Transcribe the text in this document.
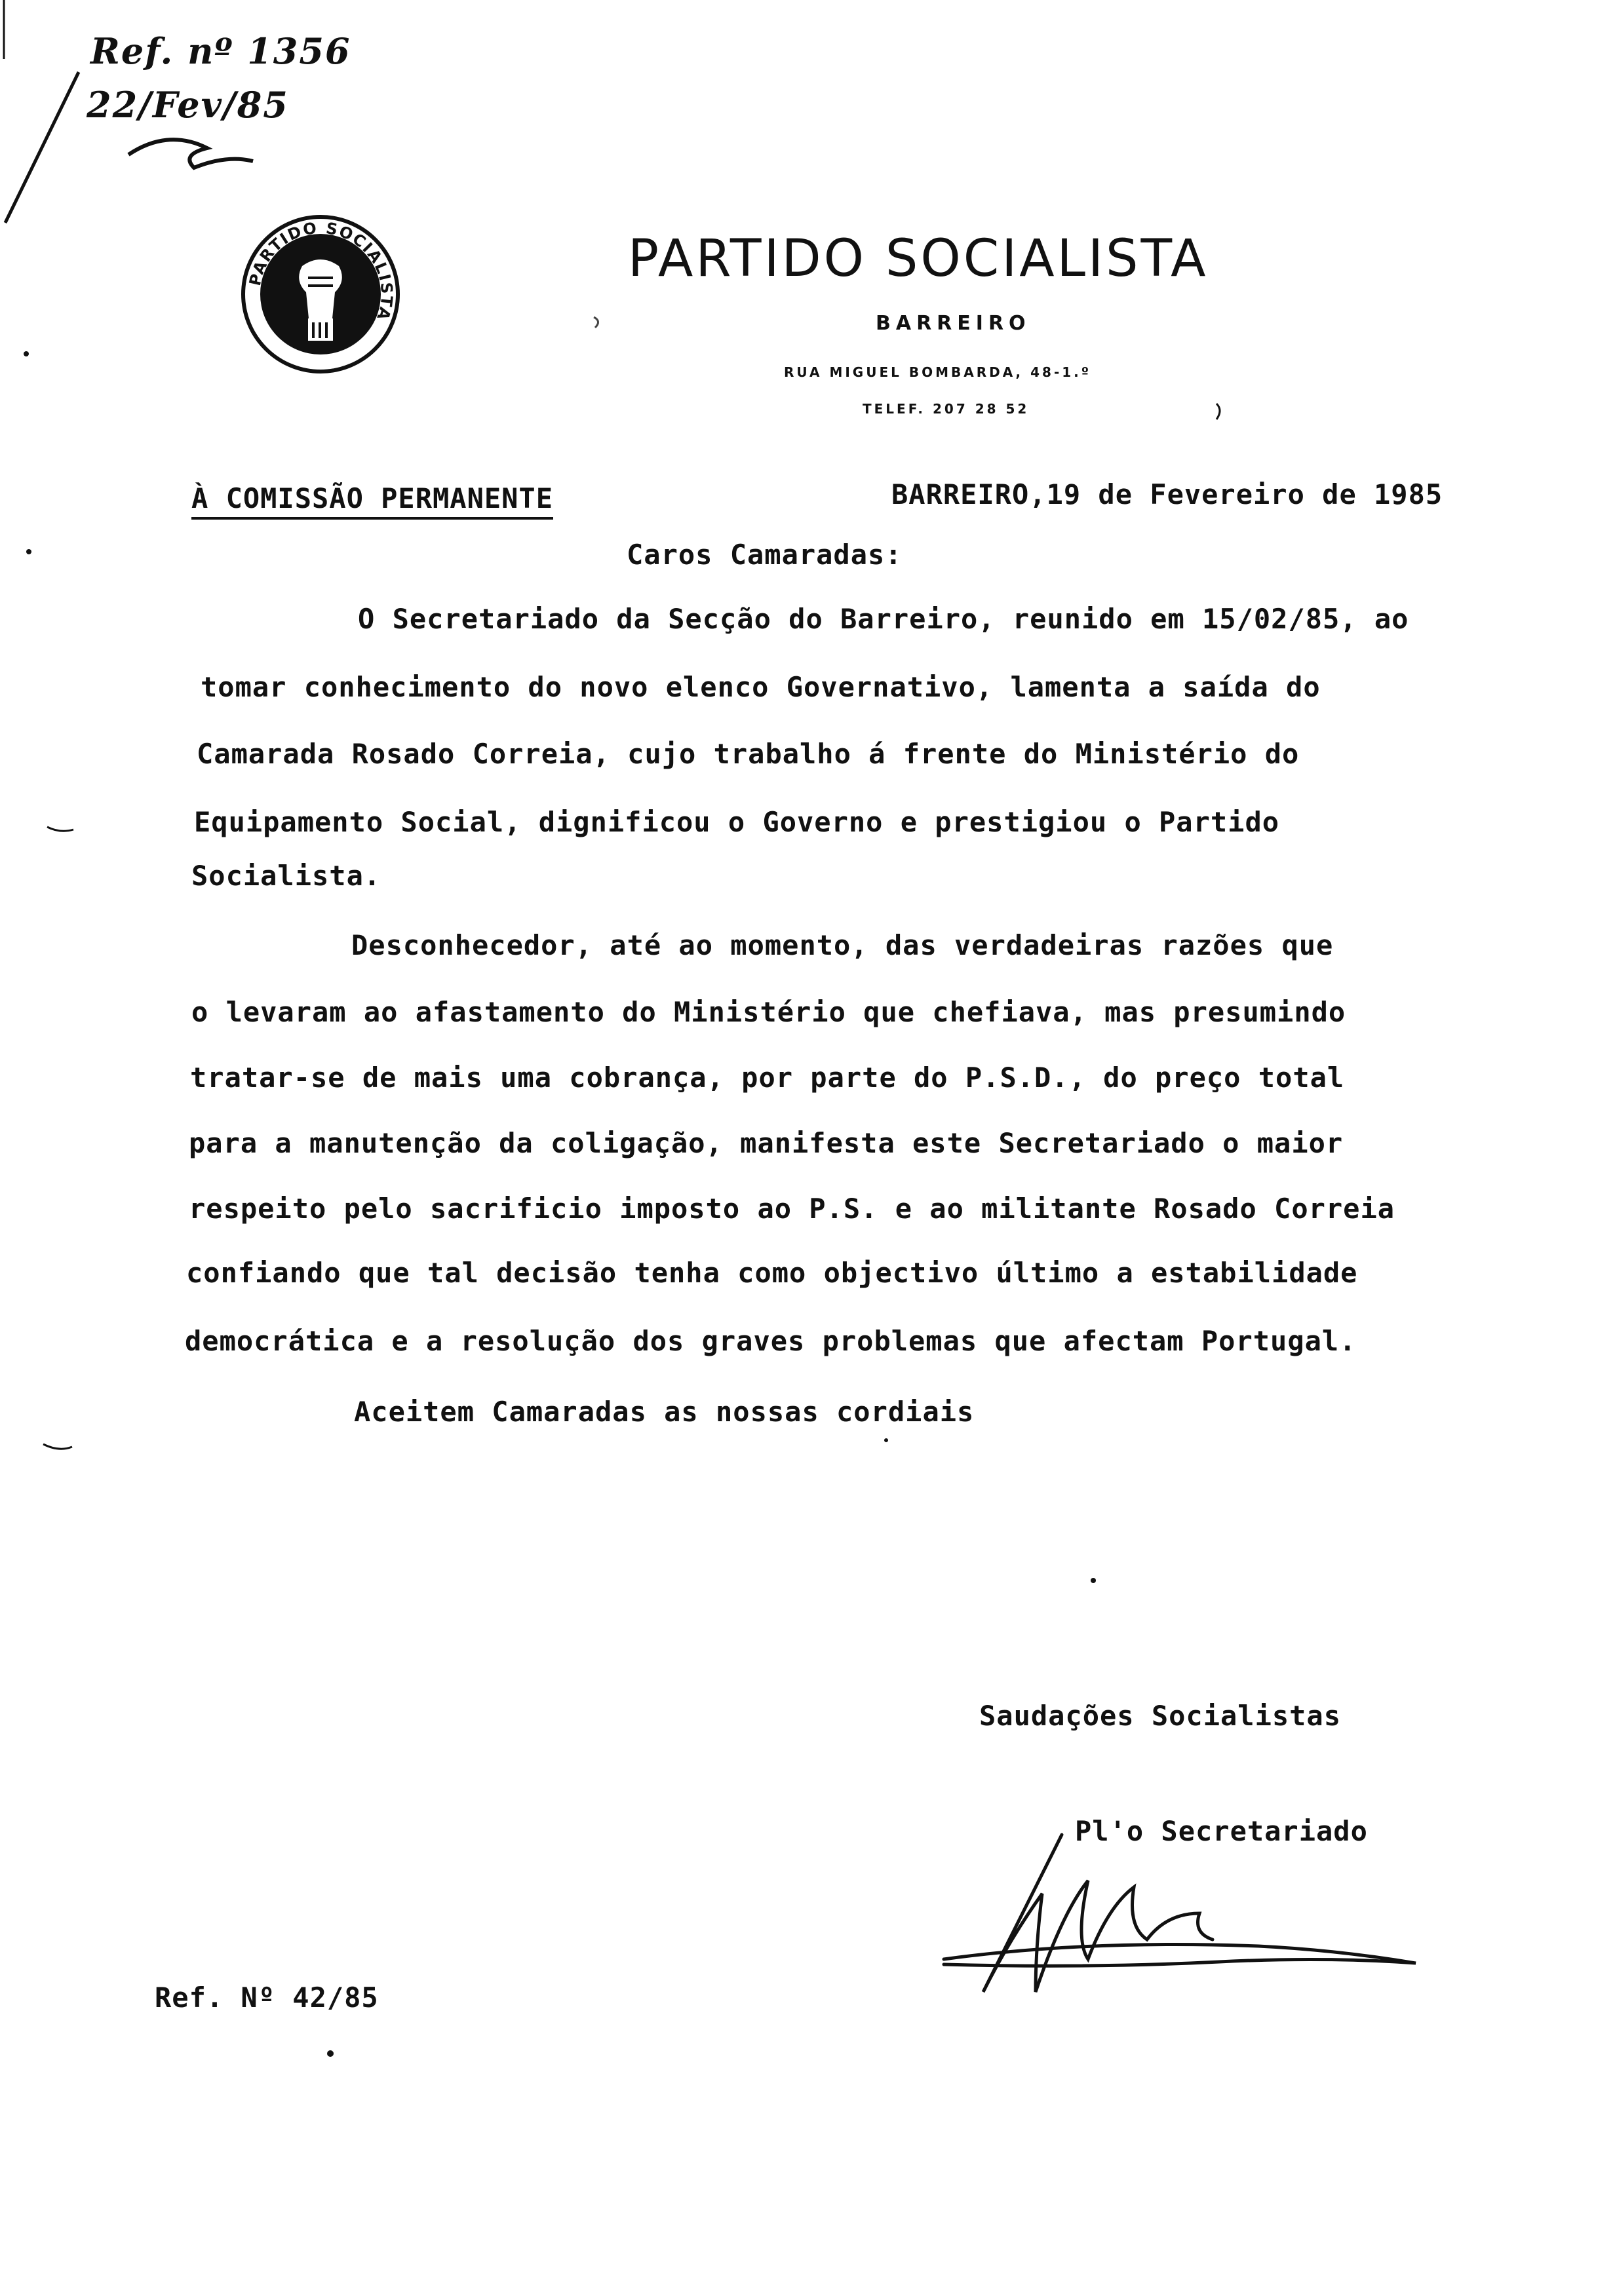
Ref. nº 1356
22/Fev/85
PARTIDO SOCIALISTA
PARTIDO SOCIALISTA
BARREIRO
RUA MIGUEL BOMBARDA, 48-1.º
TELEF. 207 28 52
À COMISSÃO PERMANENTE	BARREIRO,19 de Fevereiro de 1985
Caros Camaradas:
O Secretariado da Secção do Barreiro, reunido em 15/02/85, ao
tomar conhecimento do novo elenco Governativo, lamenta a saída do
Camarada Rosado Correia, cujo trabalho á frente do Ministério do
Equipamento Social, dignificou o Governo e prestigiou o Partido
Socialista.
Desconhecedor, até ao momento, das verdadeiras razões que
o levaram ao afastamento do Ministério que chefiava, mas presumindo
tratar-se de mais uma cobrança, por parte do P.S.D., do preço total
para a manutenção da coligação, manifesta este Secretariado o maior
respeito pelo sacrificio imposto ao P.S. e ao militante Rosado Correia
confiando que tal decisão tenha como objectivo último a estabilidade
democrática e a resolução dos graves problemas que afectam Portugal.
Aceitem Camaradas as nossas cordiais
Saudações Socialistas
Pl'o Secretariado
Ref. Nº 42/85
